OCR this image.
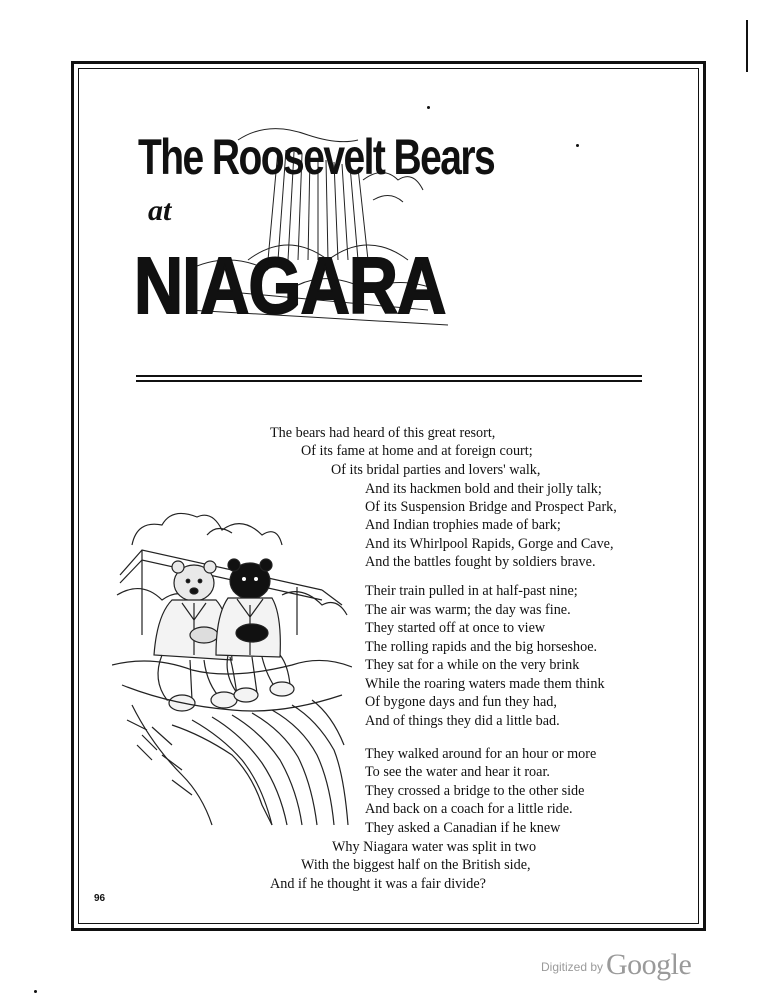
The Roosevelt Bears
at
NIAGARA
The bears had heard of this great resort,
Of its fame at home and at foreign court;
Of its bridal parties and lovers' walk,
And its hackmen bold and their jolly talk;
Of its Suspension Bridge and Prospect Park,
And Indian trophies made of bark;
And its Whirlpool Rapids, Gorge and Cave,
And the battles fought by soldiers brave.
Their train pulled in at half-past nine;
The air was warm; the day was fine.
They started off at once to view
The rolling rapids and the big horseshoe.
They sat for a while on the very brink
While the roaring waters made them think
Of bygone days and fun they had,
And of things they did a little bad.
They walked around for an hour or more
To see the water and hear it roar.
They crossed a bridge to the other side
And back on a coach for a little ride.
They asked a Canadian if he knew
Why Niagara water was split in two
With the biggest half on the British side,
And if he thought it was a fair divide?
96
Digitized by Google
